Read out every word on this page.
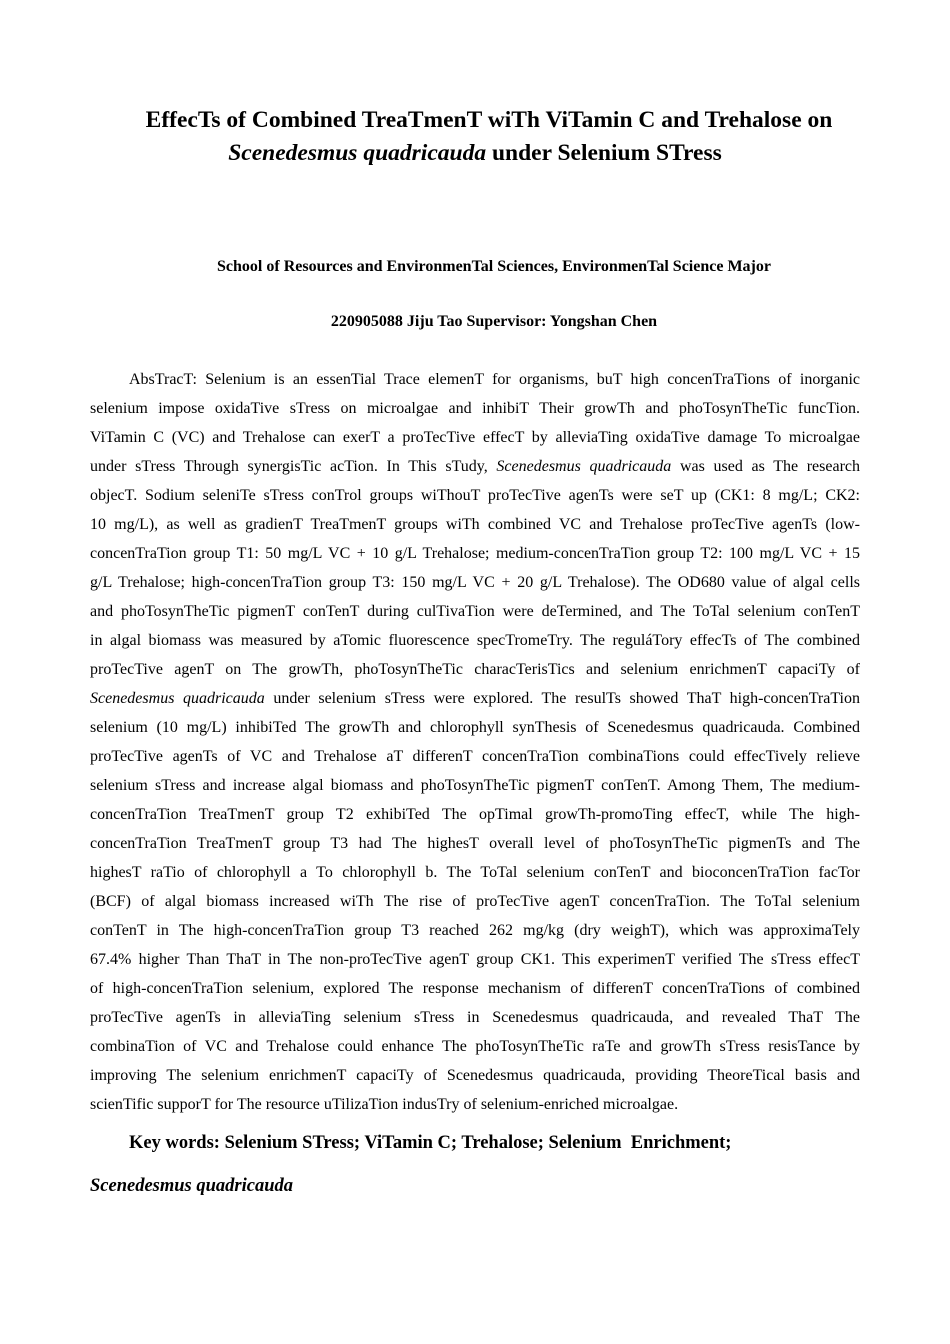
EffecTs of Combined TreaTmenT wiTh ViTamin C and Trehalose on
Scenedesmus quadricauda under Selenium STress
School of Resources and EnvironmenTal Sciences, EnvironmenTal Science Major
220905088 Jiju Tao Supervisor: Yongshan Chen
AbsTracT: Selenium is an essenTial Trace elemenT for organisms, buT high concenTraTions of inorganic
selenium impose oxidaTive sTress on microalgae and inhibiT Their growTh and phoTosynTheTic funcTion.
ViTamin C (VC) and Trehalose can exerT a proTecTive effecT by alleviaTing oxidaTive damage To microalgae
under sTress Through synergisTic acTion. In This sTudy, Scenedesmus quadricauda was used as The research
objecT. Sodium seleniTe sTress conTrol groups wiThouT proTecTive agenTs were seT up (CK1: 8 mg/L; CK2:
10 mg/L), as well as gradienT TreaTmenT groups wiTh combined VC and Trehalose proTecTive agenTs (low-
concenTraTion group T1: 50 mg/L VC + 10 g/L Trehalose; medium-concenTraTion group T2: 100 mg/L VC + 15
g/L Trehalose; high-concenTraTion group T3: 150 mg/L VC + 20 g/L Trehalose). The OD680 value of algal cells
and phoTosynTheTic pigmenT conTenT during culTivaTion were deTermined, and The ToTal selenium conTenT
in algal biomass was measured by aTomic fluorescence specTromeTry. The reguláTory effecTs of The combined
proTecTive agenT on The growTh, phoTosynTheTic characTerisTics and selenium enrichmenT capaciTy of
Scenedesmus quadricauda under selenium sTress were explored. The resulTs showed ThaT high-concenTraTion
selenium (10 mg/L) inhibiTed The growTh and chlorophyll synThesis of Scenedesmus quadricauda. Combined
proTecTive agenTs of VC and Trehalose aT differenT concenTraTion combinaTions could effecTively relieve
selenium sTress and increase algal biomass and phoTosynTheTic pigmenT conTenT. Among Them, The medium-
concenTraTion TreaTmenT group T2 exhibiTed The opTimal growTh-promoTing effecT, while The high-
concenTraTion TreaTmenT group T3 had The highesT overall level of phoTosynTheTic pigmenTs and The
highesT raTio of chlorophyll a To chlorophyll b. The ToTal selenium conTenT and bioconcenTraTion facTor
(BCF) of algal biomass increased wiTh The rise of proTecTive agenT concenTraTion. The ToTal selenium
conTenT in The high-concenTraTion group T3 reached 262 mg/kg (dry weighT), which was approximaTely
67.4% higher Than ThaT in The non-proTecTive agenT group CK1. This experimenT verified The sTress effecT
of high-concenTraTion selenium, explored The response mechanism of differenT concenTraTions of combined
proTecTive agenTs in alleviaTing selenium sTress in Scenedesmus quadricauda, and revealed ThaT The
combinaTion of VC and Trehalose could enhance The phoTosynTheTic raTe and growTh sTress resisTance by
improving The selenium enrichmenT capaciTy of Scenedesmus quadricauda, providing TheoreTical basis and
scienTific supporT for The resource uTilizaTion indusTry of selenium-enriched microalgae.
Key words: Selenium STress; ViTamin C; Trehalose; Selenium  Enrichment;
Scenedesmus quadricauda
